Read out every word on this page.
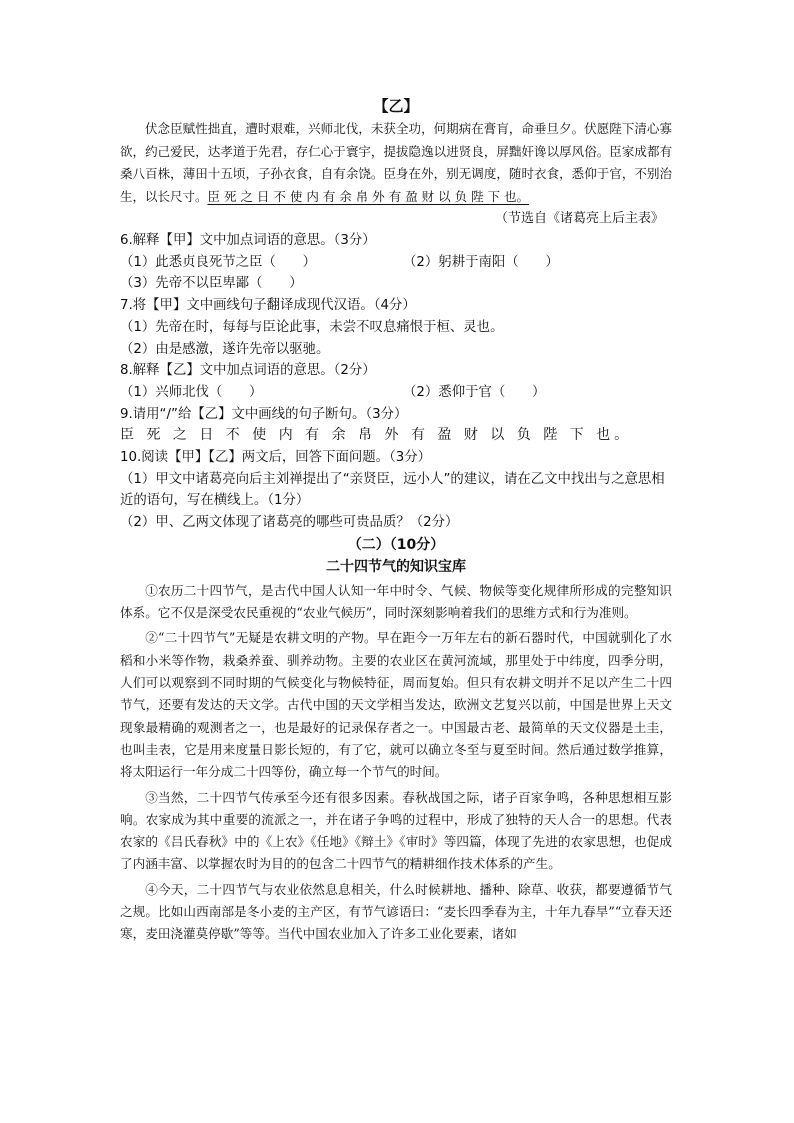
【乙】

伏念臣赋性拙直，遭时艰难，兴师北伐，未获全功，何期病在膏肓，命垂旦夕。伏愿陛下清心寡欲，约己爱民，达孝道于先君，存仁心于寰宇，提拔隐逸以进贤良，屏黜奸谗以厚风俗。臣家成都有桑八百株，薄田十五顷，子孙衣食，自有余饶。臣身在外，别无调度，随时衣食，悉仰于官，不别治生，以长尺寸。臣 死 之 日 不 使 内 有 余 帛 外 有 盈 财 以 负 陛 下 也。

（节选自《诸葛亮上后主表》
6.解释【甲】文中加点词语的意思。（3分）
（1）此悉贞良死节之臣（　　）	（2）躬耕于南阳（　　）
（3）先帝不以臣卑鄙（　　）
7.将【甲】文中画线句子翻译成现代汉语。（4分）
（1）先帝在时，每每与臣论此事，未尝不叹息痛恨于桓、灵也。
（2）由是感激，遂许先帝以驱驰。
8.解释【乙】文中加点词语的意思。（2分）
（1）兴师北伐（　　）	（2）悉仰于官（　　）
9.请用“/”给【乙】文中画线的句子断句。（3分）
臣 死 之 日 不 使 内 有 余 帛 外 有 盈 财 以 负 陛 下 也。
10.阅读【甲】【乙】两文后，回答下面问题。（3分）
（1）甲文中诸葛亮向后主刘禅提出了“亲贤臣，远小人”的建议，请在乙文中找出与之意思相近的语句，写在横线上。（1分）
（2）甲、乙两文体现了诸葛亮的哪些可贵品质？（2分）
（二）（10分）
二十四节气的知识宝库

①农历二十四节气，是古代中国人认知一年中时令、气候、物候等变化规律所形成的完整知识体系。它不仅是深受农民重视的“农业气候历”，同时深刻影响着我们的思维方式和行为准则。

②“二十四节气”无疑是农耕文明的产物。早在距今一万年左右的新石器时代，中国就驯化了水稻和小米等作物，栽桑养蚕、驯养动物。主要的农业区在黄河流域，那里处于中纬度，四季分明，人们可以观察到不同时期的气候变化与物候特征，周而复始。但只有农耕文明并不足以产生二十四节气，还要有发达的天文学。古代中国的天文学相当发达，欧洲文艺复兴以前，中国是世界上天文现象最精确的观测者之一，也是最好的记录保存者之一。中国最古老、最简单的天文仪器是土圭，也叫圭表，它是用来度量日影长短的，有了它，就可以确立冬至与夏至时间。然后通过数学推算，将太阳运行一年分成二十四等份，确立每一个节气的时间。

③当然，二十四节气传承至今还有很多因素。春秋战国之际，诸子百家争鸣，各种思想相互影响。农家成为其中重要的流派之一，并在诸子争鸣的过程中，形成了独特的天人合一的思想。代表农家的《吕氏春秋》中的《上农》《任地》《辩土》《审时》等四篇，体现了先进的农家思想，也促成了内涵丰富、以掌握农时为目的的包含二十四节气的精耕细作技术体系的产生。

④今天，二十四节气与农业依然息息相关，什么时候耕地、播种、除草、收获，都要遵循节气之规。比如山西南部是冬小麦的主产区，有节气谚语曰：“麦长四季春为主，十年九春旱”“立春天还寒，麦田浇灌莫停歇”等等。当代中国农业加入了许多工业化要素，诸如
